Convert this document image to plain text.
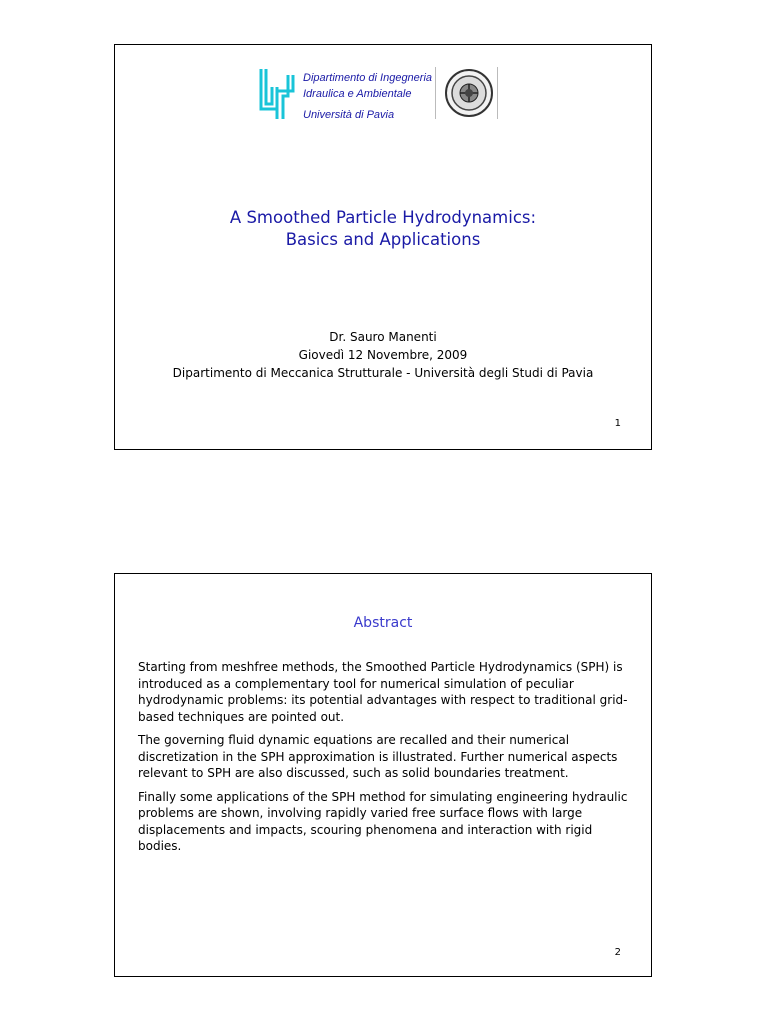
Dipartimento di Ingegneria
Idraulica e Ambientale
Università di Pavia
A Smoothed Particle Hydrodynamics:
Basics and Applications
Dr. Sauro Manenti
Giovedì 12 Novembre, 2009
Dipartimento di Meccanica Strutturale - Università degli Studi di Pavia
1
Abstract

Starting from meshfree methods, the Smoothed Particle Hydrodynamics (SPH) is introduced as a complementary tool for numerical simulation of peculiar hydrodynamic problems: its potential advantages with respect to traditional grid-based techniques are pointed out.

The governing fluid dynamic equations are recalled and their numerical discretization in the SPH approximation is illustrated. Further numerical aspects relevant to SPH are also discussed, such as solid boundaries treatment.

Finally some applications of the SPH method for simulating engineering hydraulic problems are shown, involving rapidly varied free surface flows with large displacements and impacts, scouring phenomena and interaction with rigid bodies.

2
